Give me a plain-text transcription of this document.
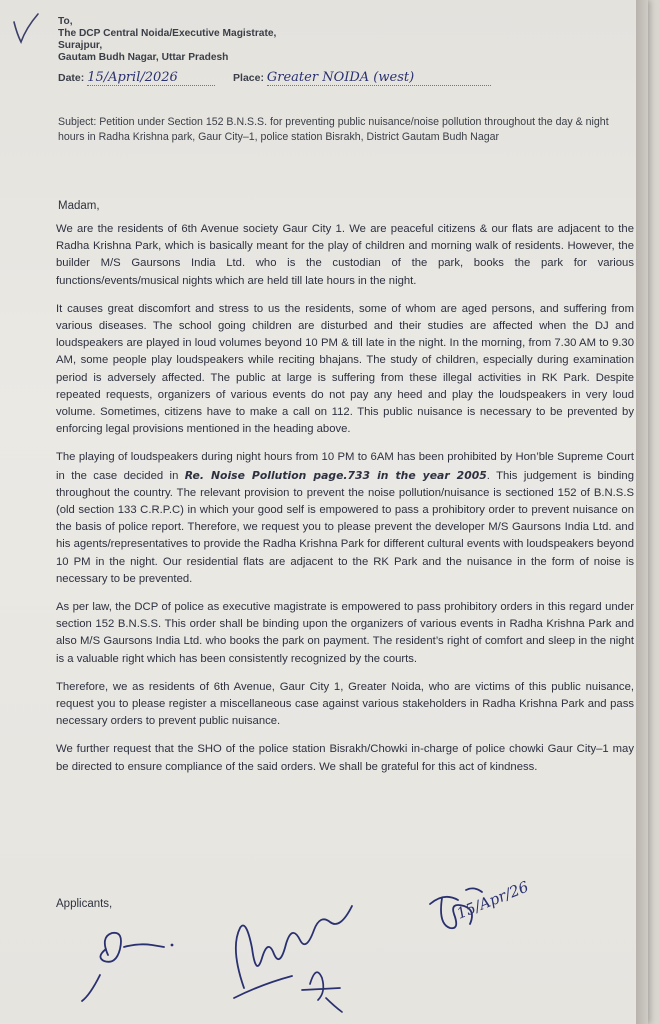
To,
The DCP Central Noida/Executive Magistrate,
Surajpur,
Gautam Budh Nagar, Uttar Pradesh
Date: 15/April/2026	Place: Greater NOIDA (west)
Subject: Petition under Section 152 B.N.S.S. for preventing public nuisance/noise pollution throughout the day & night hours in Radha Krishna park, Gaur City–1, police station Bisrakh, District Gautam Budh Nagar
Madam,

We are the residents of 6th Avenue society Gaur City 1. We are peaceful citizens & our flats are adjacent to the Radha Krishna Park, which is basically meant for the play of children and morning walk of residents. However, the builder M/S Gaursons India Ltd. who is the custodian of the park, books the park for various functions/events/musical nights which are held till late hours in the night.

It causes great discomfort and stress to us the residents, some of whom are aged persons, and suffering from various diseases. The school going children are disturbed and their studies are affected when the DJ and loudspeakers are played in loud volumes beyond 10 PM & till late in the night. In the morning, from 7.30 AM to 9.30 AM, some people play loudspeakers while reciting bhajans. The study of children, especially during examination period is adversely affected. The public at large is suffering from these illegal activities in RK Park. Despite repeated requests, organizers of various events do not pay any heed and play the loudspeakers in very loud volume. Sometimes, citizens have to make a call on 112. This public nuisance is necessary to be prevented by enforcing legal provisions mentioned in the heading above.

The playing of loudspeakers during night hours from 10 PM to 6AM has been prohibited by Hon’ble Supreme Court in the case decided in Re. Noise Pollution page.733 in the year 2005. This judgement is binding throughout the country. The relevant provision to prevent the noise pollution/nuisance is sectioned 152 of B.N.S.S (old section 133 C.R.P.C) in which your good self is empowered to pass a prohibitory order to prevent nuisance on the basis of police report. Therefore, we request you to please prevent the developer M/S Gaursons India Ltd. and his agents/representatives to provide the Radha Krishna Park for different cultural events with loudspeakers beyond 10 PM in the night. Our residential flats are adjacent to the RK Park and the nuisance in the form of noise is necessary to be prevented.

As per law, the DCP of police as executive magistrate is empowered to pass prohibitory orders in this regard under section 152 B.N.S.S. This order shall be binding upon the organizers of various events in Radha Krishna Park and also M/S Gaursons India Ltd. who books the park on payment. The resident’s right of comfort and sleep in the night is a valuable right which has been consistently recognized by the courts.

Therefore, we as residents of 6th Avenue, Gaur City 1, Greater Noida, who are victims of this public nuisance, request you to please register a miscellaneous case against various stakeholders in Radha Krishna Park and pass necessary orders to prevent public nuisance.

We further request that the SHO of the police station Bisrakh/Chowki in-charge of police chowki Gaur City–1 may be directed to ensure compliance of the said orders. We shall be grateful for this act of kindness.

Applicants,	15/Apr/26
